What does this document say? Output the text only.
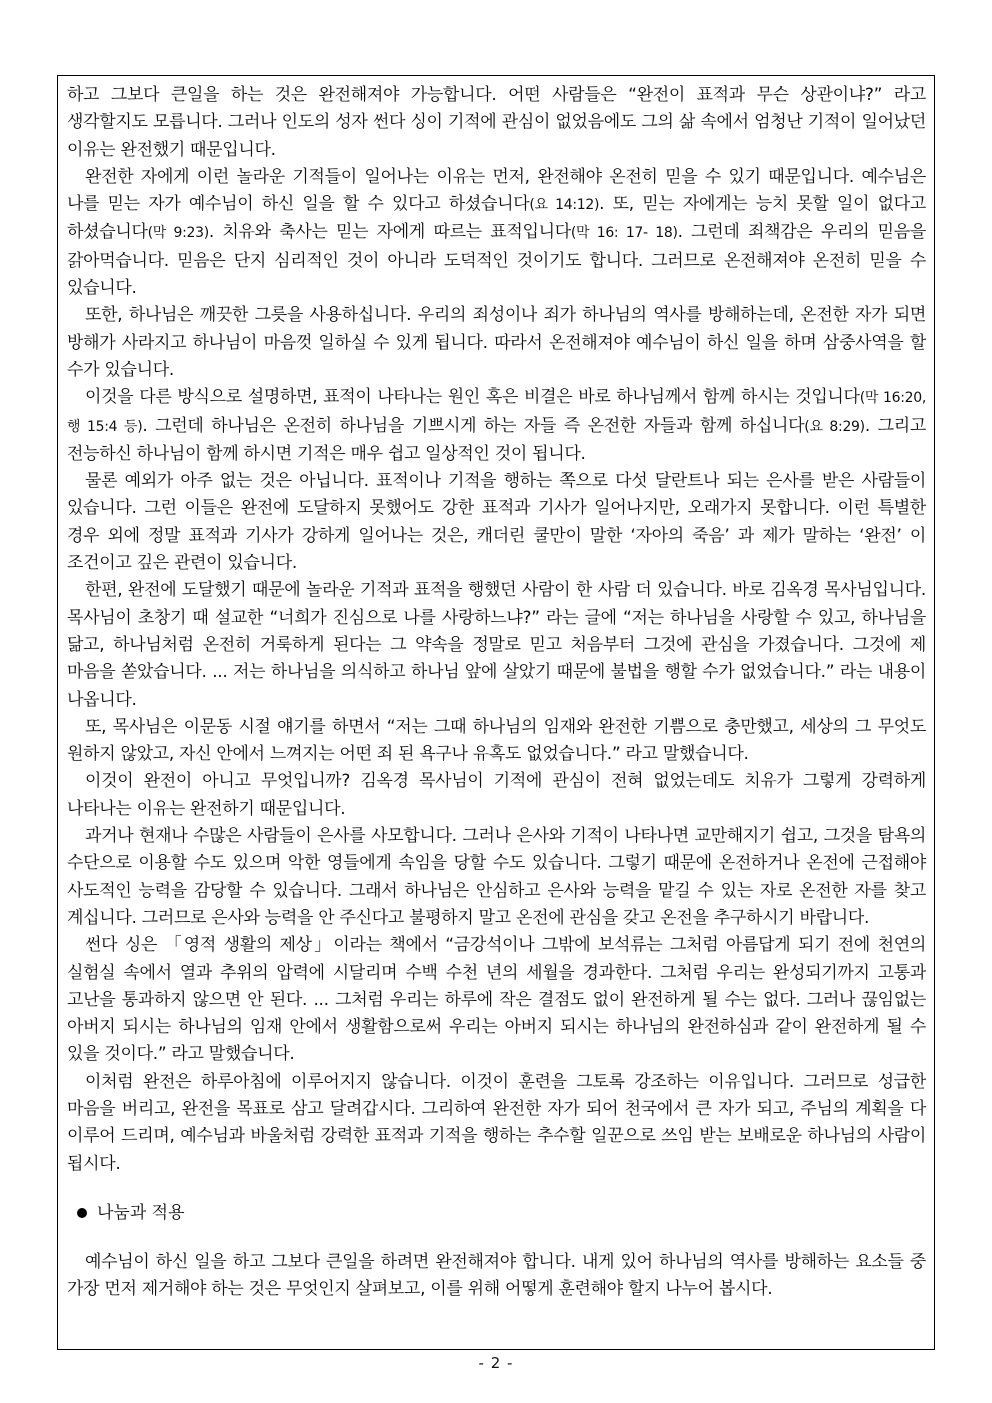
하고 그보다 큰일을 하는 것은 완전해져야 가능합니다. 어떤 사람들은 “완전이 표적과 무슨 상관이냐?” 라고 생각할지도 모릅니다. 그러나 인도의 성자 썬다 싱이 기적에 관심이 없었음에도 그의 삶 속에서 엄청난 기적이 일어났던 이유는 완전했기 때문입니다.

완전한 자에게 이런 놀라운 기적들이 일어나는 이유는 먼저, 완전해야 온전히 믿을 수 있기 때문입니다. 예수님은 나를 믿는 자가 예수님이 하신 일을 할 수 있다고 하셨습니다(요 14:12). 또, 믿는 자에게는 능치 못할 일이 없다고 하셨습니다(막 9:23). 치유와 축사는 믿는 자에게 따르는 표적입니다(막 16: 17- 18). 그런데 죄책감은 우리의 믿음을 갉아먹습니다. 믿음은 단지 심리적인 것이 아니라 도덕적인 것이기도 합니다. 그러므로 온전해져야 온전히 믿을 수 있습니다.

또한, 하나님은 깨끗한 그릇을 사용하십니다. 우리의 죄성이나 죄가 하나님의 역사를 방해하는데, 온전한 자가 되면 방해가 사라지고 하나님이 마음껏 일하실 수 있게 됩니다. 따라서 온전해져야 예수님이 하신 일을 하며 삼중사역을 할 수가 있습니다.

이것을 다른 방식으로 설명하면, 표적이 나타나는 원인 혹은 비결은 바로 하나님께서 함께 하시는 것입니다(막 16:20, 행 15:4 등). 그런데 하나님은 온전히 하나님을 기쁘시게 하는 자들 즉 온전한 자들과 함께 하십니다(요 8:29). 그리고 전능하신 하나님이 함께 하시면 기적은 매우 쉽고 일상적인 것이 됩니다.

물론 예외가 아주 없는 것은 아닙니다. 표적이나 기적을 행하는 쪽으로 다섯 달란트나 되는 은사를 받은 사람들이 있습니다. 그런 이들은 완전에 도달하지 못했어도 강한 표적과 기사가 일어나지만, 오래가지 못합니다. 이런 특별한 경우 외에 정말 표적과 기사가 강하게 일어나는 것은, 캐더린 쿨만이 말한 ‘자아의 죽음’ 과 제가 말하는 ‘완전’ 이 조건이고 깊은 관련이 있습니다.

한편, 완전에 도달했기 때문에 놀라운 기적과 표적을 행했던 사람이 한 사람 더 있습니다. 바로 김옥경 목사님입니다. 목사님이 초창기 때 설교한 “너희가 진심으로 나를 사랑하느냐?” 라는 글에 “저는 하나님을 사랑할 수 있고, 하나님을 닮고, 하나님처럼 온전히 거룩하게 된다는 그 약속을 정말로 믿고 처음부터 그것에 관심을 가졌습니다. 그것에 제 마음을 쏟았습니다. ... 저는 하나님을 의식하고 하나님 앞에 살았기 때문에 불법을 행할 수가 없었습니다.” 라는 내용이 나옵니다.

또, 목사님은 이문동 시절 얘기를 하면서 “저는 그때 하나님의 임재와 완전한 기쁨으로 충만했고, 세상의 그 무엇도 원하지 않았고, 자신 안에서 느껴지는 어떤 죄 된 욕구나 유혹도 없었습니다.” 라고 말했습니다.

이것이 완전이 아니고 무엇입니까? 김옥경 목사님이 기적에 관심이 전혀 없었는데도 치유가 그렇게 강력하게 나타나는 이유는 완전하기 때문입니다.

과거나 현재나 수많은 사람들이 은사를 사모합니다. 그러나 은사와 기적이 나타나면 교만해지기 쉽고, 그것을 탐욕의 수단으로 이용할 수도 있으며 악한 영들에게 속임을 당할 수도 있습니다. 그렇기 때문에 온전하거나 온전에 근접해야 사도적인 능력을 감당할 수 있습니다. 그래서 하나님은 안심하고 은사와 능력을 맡길 수 있는 자로 온전한 자를 찾고 계십니다. 그러므로 은사와 능력을 안 주신다고 불평하지 말고 온전에 관심을 갖고 온전을 추구하시기 바랍니다.

썬다 싱은 「영적 생활의 제상」이라는 책에서 “금강석이나 그밖에 보석류는 그처럼 아름답게 되기 전에 천연의 실험실 속에서 열과 추위의 압력에 시달리며 수백 수천 년의 세월을 경과한다. 그처럼 우리는 완성되기까지 고통과 고난을 통과하지 않으면 안 된다. ... 그처럼 우리는 하루에 작은 결점도 없이 완전하게 될 수는 없다. 그러나 끊임없는 아버지 되시는 하나님의 임재 안에서 생활함으로써 우리는 아버지 되시는 하나님의 완전하심과 같이 완전하게 될 수 있을 것이다.” 라고 말했습니다.

이처럼 완전은 하루아침에 이루어지지 않습니다. 이것이 훈련을 그토록 강조하는 이유입니다. 그러므로 성급한 마음을 버리고, 완전을 목표로 삼고 달려갑시다. 그리하여 완전한 자가 되어 천국에서 큰 자가 되고, 주님의 계획을 다 이루어 드리며, 예수님과 바울처럼 강력한 표적과 기적을 행하는 추수할 일꾼으로 쓰임 받는 보배로운 하나님의 사람이 됩시다.

나눔과 적용

예수님이 하신 일을 하고 그보다 큰일을 하려면 완전해져야 합니다. 내게 있어 하나님의 역사를 방해하는 요소들 중 가장 먼저 제거해야 하는 것은 무엇인지 살펴보고, 이를 위해 어떻게 훈련해야 할지 나누어 봅시다.

- 2 -
